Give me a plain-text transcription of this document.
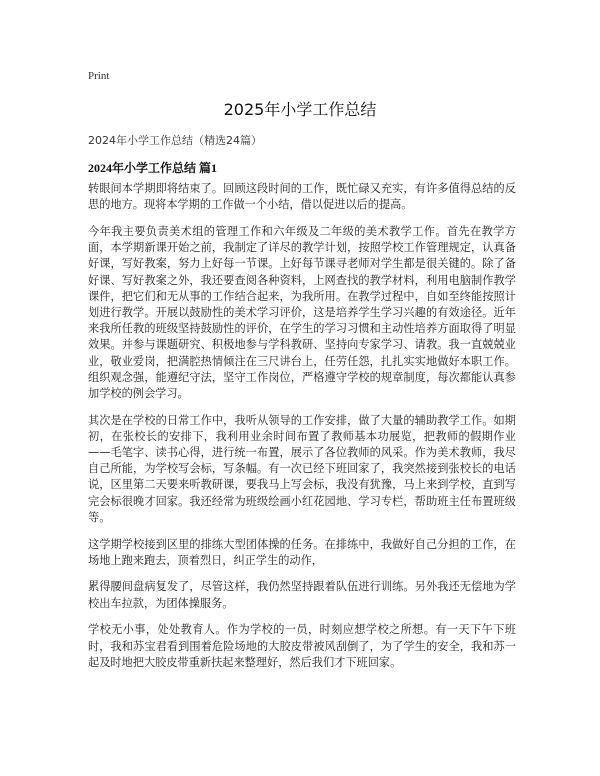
Print
2025年小学工作总结
2024年小学工作总结（精选24篇）
2024年小学工作总结 篇1

转眼间本学期即将结束了。回顾这段时间的工作，既忙碌又充实，有许多值得总结的反思的地方。现将本学期的工作做一个小结，借以促进以后的提高。

今年我主要负责美术组的管理工作和六年级及二年级的美术教学工作。首先在教学方面，本学期新课开始之前，我制定了详尽的教学计划，按照学校工作管理规定，认真备好课，写好教案，努力上好每一节课。上好每节课寻老师对学生都是很关键的。除了备好课、写好教案之外，我还要查阅各种资料，上网查找的教学材料，利用电脑制作教学课件，把它们和无从事的工作结合起来，为我所用。在教学过程中，自如至终能按照计划进行教学。开展以鼓励性的美术学习评价，这是培养学生学习兴趣的有效途径。近年来我所任教的班级坚持鼓励性的评价，在学生的学习习惯和主动性培养方面取得了明显效果。并参与课题研究、积极地参与学科教研、坚持向专家学习、请教。我一直兢兢业业，敬业爱岗，把满腔热情倾注在三尺讲台上，任劳任怨，扎扎实实地做好本职工作。组织观念强，能遵纪守法，坚守工作岗位，严格遵守学校的规章制度，每次都能认真参加学校的例会学习。

其次是在学校的日常工作中，我听从领导的工作安排，做了大量的辅助教学工作。如期初，在张校长的安排下，我利用业余时间布置了教师基本功展览，把教师的假期作业——毛笔字、读书心得，进行统一布置，展示了各位教师的风采。作为美术教师，我尽自己所能，为学校写会标，写条幅。有一次已经下班回家了，我突然接到张校长的电话说，区里第二天要来听教研课，要我马上写会标，我没有犹豫，马上来到学校，直到写完会标很晚才回家。我还经常为班级绘画小红花园地、学习专栏，帮助班主任布置班级等。

这学期学校接到区里的排练大型团体操的任务。在排练中，我做好自己分担的工作，在场地上跑来跑去，顶着烈日，纠正学生的动作，

累得腰间盘病复发了，尽管这样，我仍然坚持跟着队伍进行训练。另外我还无偿地为学校出车拉款，为团体操服务。

学校无小事，处处教育人。作为学校的一员，时刻应想学校之所想。有一天下午下班时，我和苏宝君看到围着危险场地的大胶皮带被风刮倒了，为了学生的安全，我和苏一起及时地把大胶皮带重新扶起来整理好，然后我们才下班回家。
